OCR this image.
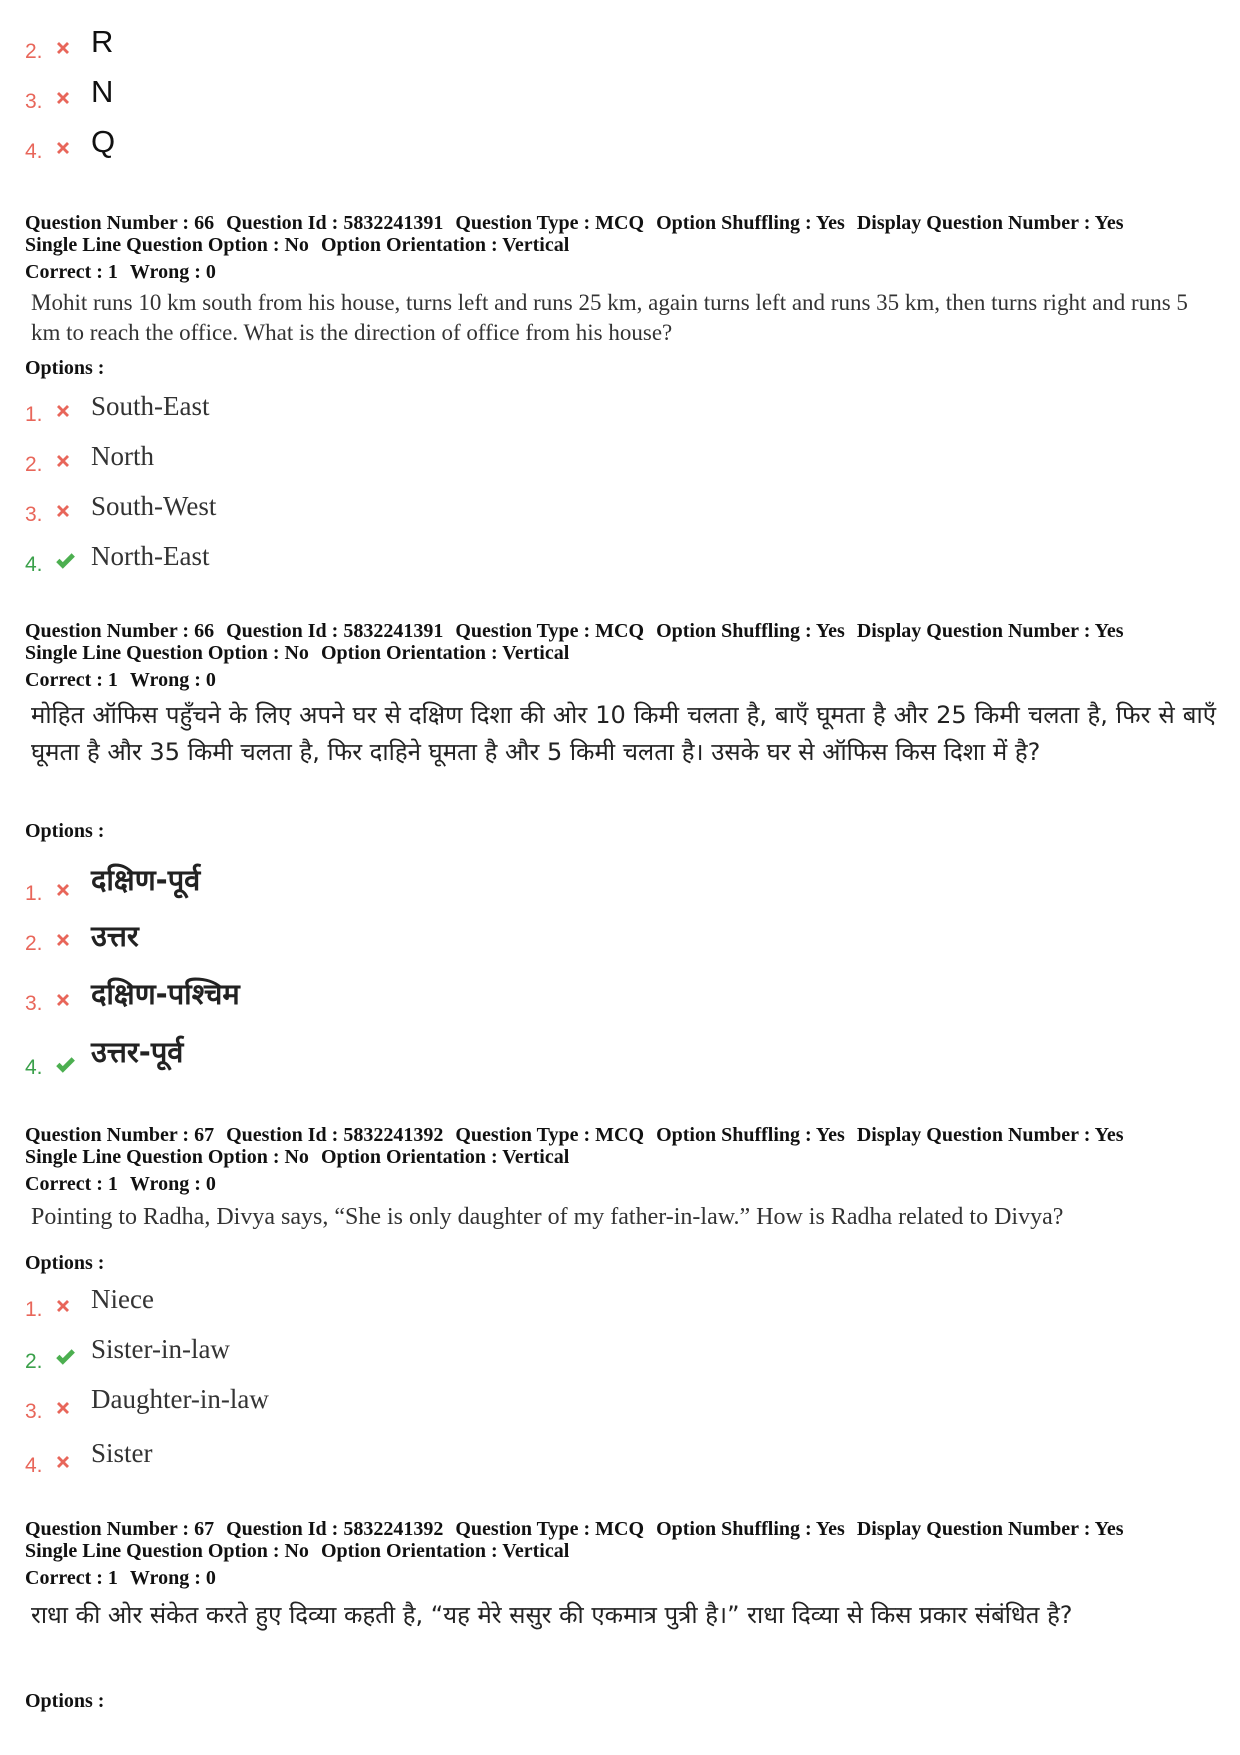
2. R
3. N
4. Q
Question Number : 66 Question Id : 5832241391 Question Type : MCQ Option Shuffling : Yes Display Question Number : Yes
Single Line Question Option : No Option Orientation : Vertical
Correct : 1 Wrong : 0
Mohit runs 10 km south from his house, turns left and runs 25 km, again turns left and runs 35 km, then turns right and runs 5 km to reach the office. What is the direction of office from his house?
Options :
1. South-East
2. North
3. South-West
4. North-East
Question Number : 66 Question Id : 5832241391 Question Type : MCQ Option Shuffling : Yes Display Question Number : Yes
Single Line Question Option : No Option Orientation : Vertical
Correct : 1 Wrong : 0
मोहित ऑफिस पहुँचने के लिए अपने घर से दक्षिण दिशा की ओर 10 किमी चलता है, बाएँ घूमता है और 25 किमी चलता है, फिर से बाएँ घूमता है और 35 किमी चलता है, फिर दाहिने घूमता है और 5 किमी चलता है। उसके घर से ऑफिस किस दिशा में है?
Options :
1. दक्षिण-पूर्व
2. उत्तर
3. दक्षिण-पश्चिम
4. उत्तर-पूर्व
Question Number : 67 Question Id : 5832241392 Question Type : MCQ Option Shuffling : Yes Display Question Number : Yes
Single Line Question Option : No Option Orientation : Vertical
Correct : 1 Wrong : 0
Pointing to Radha, Divya says, “She is only daughter of my father-in-law.” How is Radha related to Divya?
Options :
1. Niece
2. Sister-in-law
3. Daughter-in-law
4. Sister
Question Number : 67 Question Id : 5832241392 Question Type : MCQ Option Shuffling : Yes Display Question Number : Yes
Single Line Question Option : No Option Orientation : Vertical
Correct : 1 Wrong : 0
राधा की ओर संकेत करते हुए दिव्या कहती है, “यह मेरे ससुर की एकमात्र पुत्री है।” राधा दिव्या से किस प्रकार संबंधित है?
Options :
